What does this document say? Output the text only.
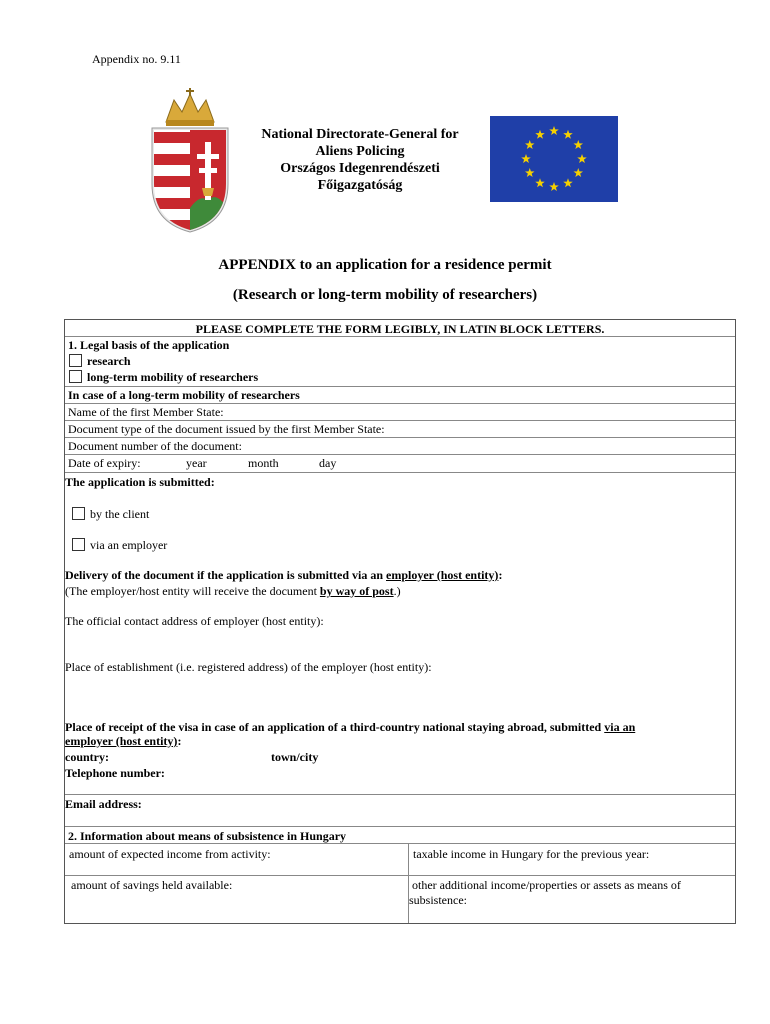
Appendix no. 9.11
National Directorate-General for
Aliens Policing
Országos Idegenrendészeti
Főigazgatóság
APPENDIX to an application for a residence permit
(Research or long-term mobility of researchers)
PLEASE COMPLETE THE FORM LEGIBLY, IN LATIN BLOCK LETTERS.
1. Legal basis of the application
research
long-term mobility of researchers
In case of a long-term mobility of researchers
Name of the first Member State:
Document type of the document issued by the first Member State:
Document number of the document:
Date of expiry:	year	month	day
The application is submitted:
by the client
via an employer
Delivery of the document if the application is submitted via an employer (host entity):
(The employer/host entity will receive the document by way of post.)
The official contact address of employer (host entity):
Place of establishment (i.e. registered address) of the employer (host entity):
Place of receipt of the visa in case of an application of a third-country national staying abroad, submitted via an
employer (host entity):
country:	town/city
Telephone number:
Email address:
2. Information about means of subsistence in Hungary
amount of expected income from activity:	taxable income in Hungary for the previous year:
amount of savings held available:	other additional income/properties or assets as means of
subsistence:
